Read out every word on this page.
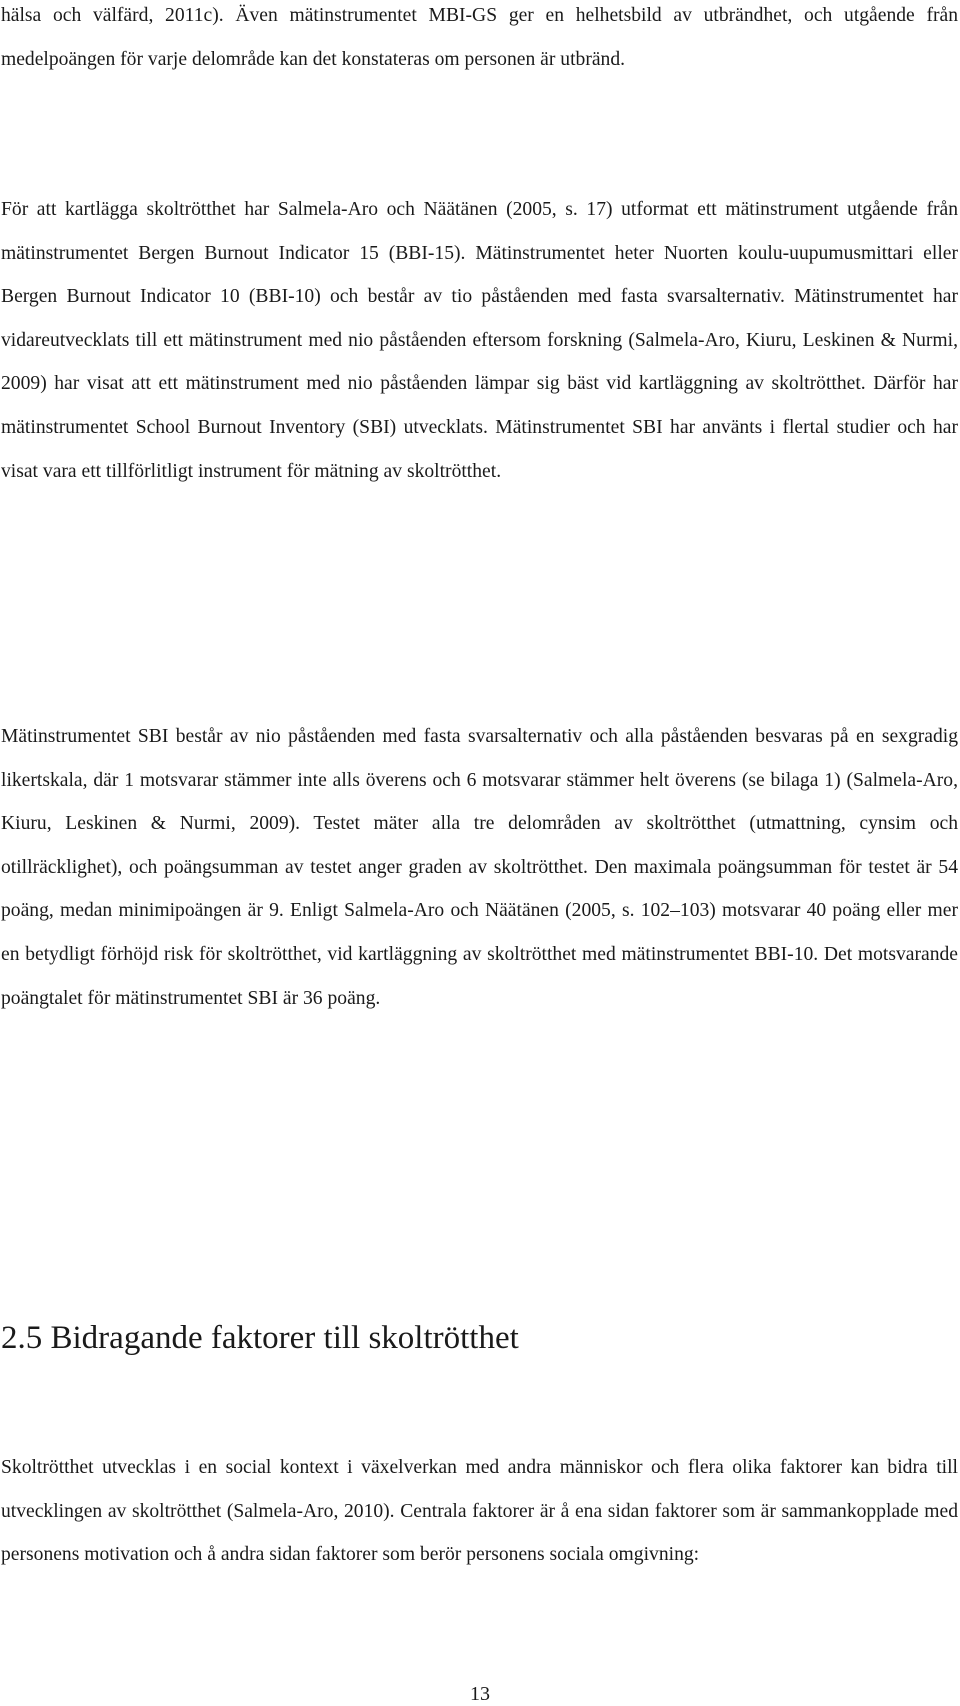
hälsa och välfärd, 2011c). Även mätinstrumentet MBI-GS ger en helhetsbild av utbrändhet, och utgående från medelpoängen för varje delområde kan det konstateras om personen är utbränd.

För att kartlägga skoltrötthet har Salmela-Aro och Näätänen (2005, s. 17) utformat ett mätinstrument utgående från mätinstrumentet Bergen Burnout Indicator 15 (BBI-15). Mätinstrumentet heter Nuorten koulu-uupumusmittari eller Bergen Burnout Indicator 10 (BBI-10) och består av tio påståenden med fasta svarsalternativ. Mätinstrumentet har vidareutvecklats till ett mätinstrument med nio påståenden eftersom forskning (Salmela-Aro, Kiuru, Leskinen & Nurmi, 2009) har visat att ett mätinstrument med nio påståenden lämpar sig bäst vid kartläggning av skoltrötthet. Därför har mätinstrumentet School Burnout Inventory (SBI) utvecklats. Mätinstrumentet SBI har använts i flertal studier och har visat vara ett tillförlitligt instrument för mätning av skoltrötthet.

Mätinstrumentet SBI består av nio påståenden med fasta svarsalternativ och alla påståenden besvaras på en sexgradig likertskala, där 1 motsvarar stämmer inte alls överens och 6 motsvarar stämmer helt överens (se bilaga 1) (Salmela-Aro, Kiuru, Leskinen & Nurmi, 2009). Testet mäter alla tre delområden av skoltrötthet (utmattning, cynsim och otillräcklighet), och poängsumman av testet anger graden av skoltrötthet. Den maximala poängsumman för testet är 54 poäng, medan minimipoängen är 9. Enligt Salmela-Aro och Näätänen (2005, s. 102–103) motsvarar 40 poäng eller mer en betydligt förhöjd risk för skoltrötthet, vid kartläggning av skoltrötthet med mätinstrumentet BBI-10. Det motsvarande poängtalet för mätinstrumentet SBI är 36 poäng.

2.5 Bidragande faktorer till skoltrötthet

Skoltrötthet utvecklas i en social kontext i växelverkan med andra människor och flera olika faktorer kan bidra till utvecklingen av skoltrötthet (Salmela-Aro, 2010). Centrala faktorer är å ena sidan faktorer som är sammankopplade med personens motivation och å andra sidan faktorer som berör personens sociala omgivning:

13
